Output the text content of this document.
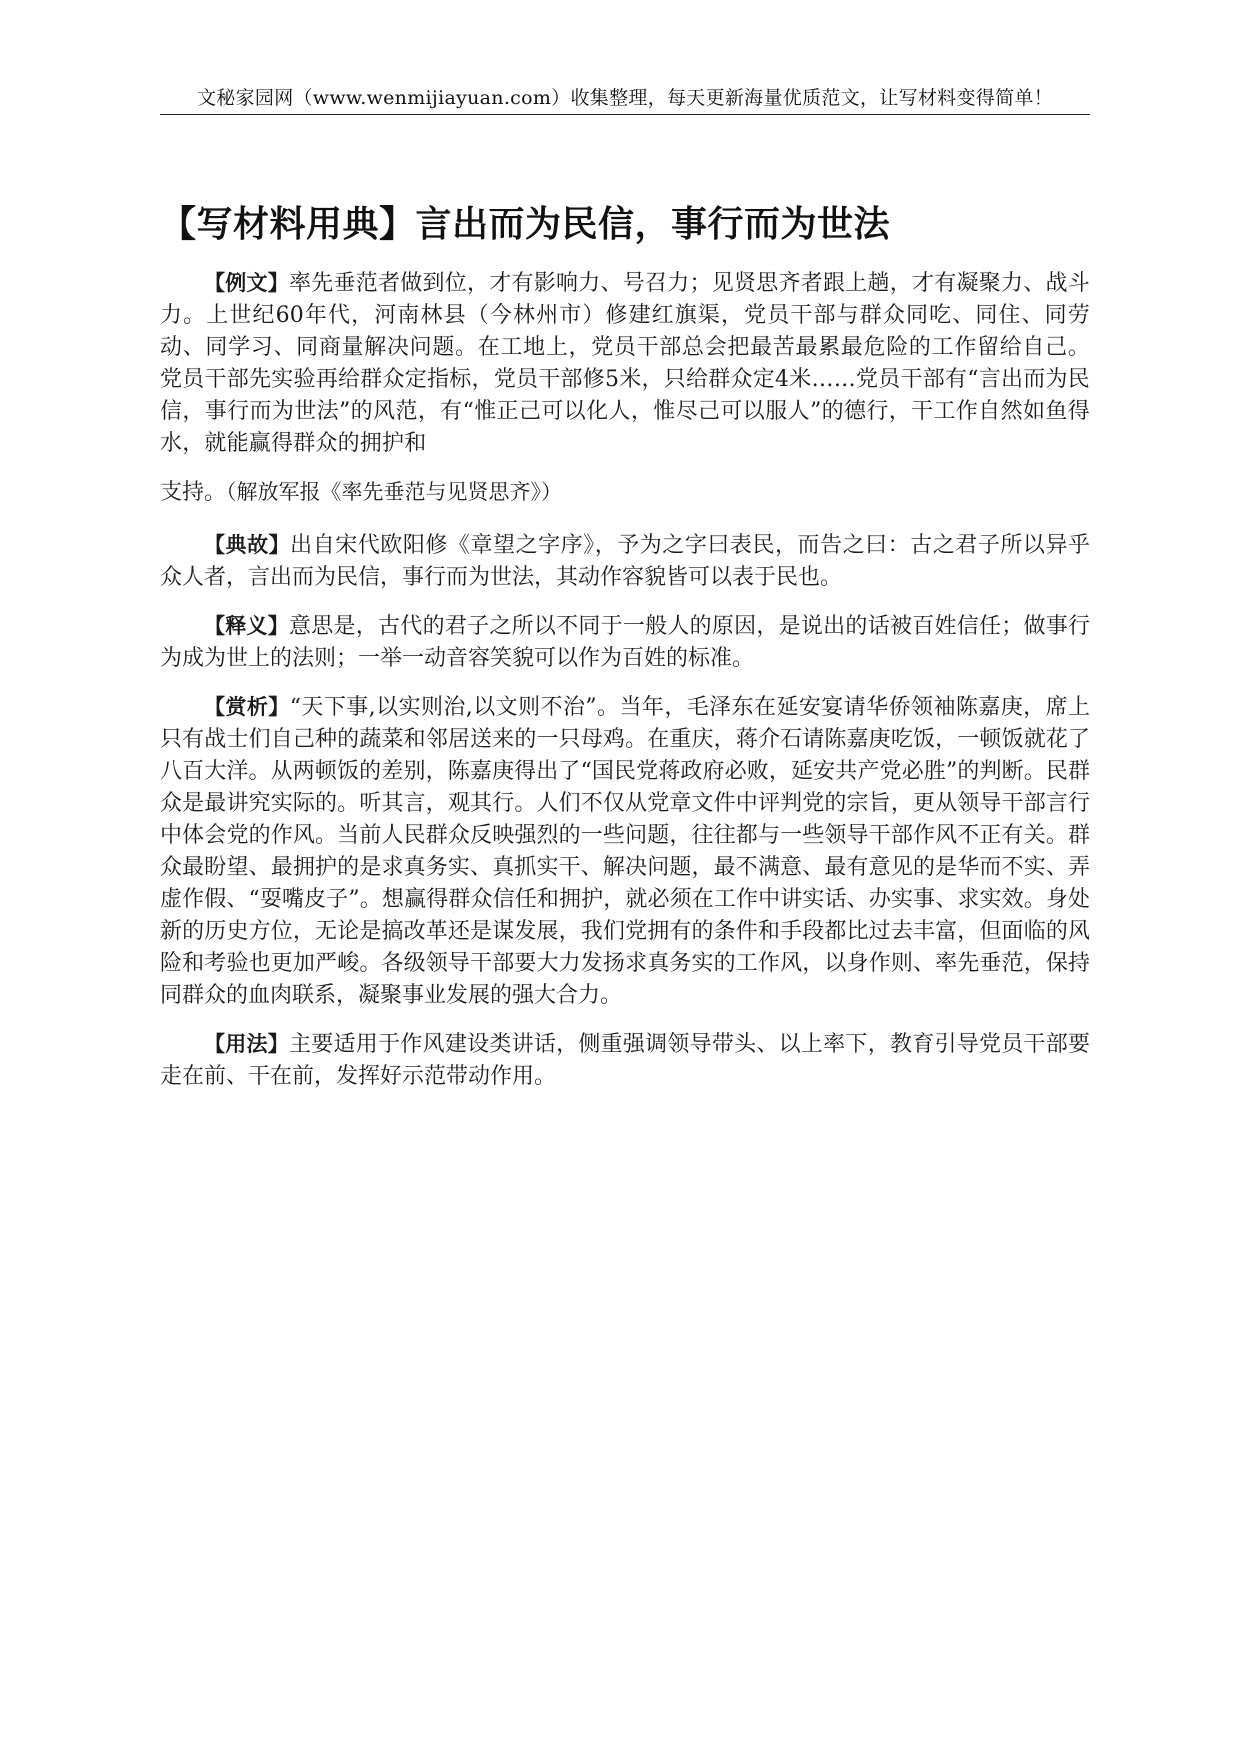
文秘家园网（www.wenmijiayuan.com）收集整理，每天更新海量优质范文，让写材料变得简单！
【写材料用典】言出而为民信，事行而为世法

【例文】率先垂范者做到位，才有影响力、号召力；见贤思齐者跟上趟，才有凝聚力、战斗力。上世纪60年代，河南林县（今林州市）修建红旗渠，党员干部与群众同吃、同住、同劳动、同学习、同商量解决问题。在工地上，党员干部总会把最苦最累最危险的工作留给自己。党员干部先实验再给群众定指标，党员干部修5米，只给群众定4米……党员干部有“言出而为民信，事行而为世法”的风范，有“惟正己可以化人，惟尽己可以服人”的德行，干工作自然如鱼得水，就能赢得群众的拥护和

支持。（解放军报《率先垂范与见贤思齐》）

【典故】出自宋代欧阳修《章望之字序》，予为之字曰表民，而告之曰：古之君子所以异乎众人者，言出而为民信，事行而为世法，其动作容貌皆可以表于民也。

【释义】意思是，古代的君子之所以不同于一般人的原因，是说出的话被百姓信任；做事行为成为世上的法则；一举一动音容笑貌可以作为百姓的标准。

【赏析】“天下事,以实则治,以文则不治”。当年，毛泽东在延安宴请华侨领袖陈嘉庚，席上只有战士们自己种的蔬菜和邻居送来的一只母鸡。在重庆，蒋介石请陈嘉庚吃饭，一顿饭就花了八百大洋。从两顿饭的差别，陈嘉庚得出了“国民党蒋政府必败，延安共产党必胜”的判断。民群众是最讲究实际的。听其言，观其行。人们不仅从党章文件中评判党的宗旨，更从领导干部言行中体会党的作风。当前人民群众反映强烈的一些问题，往往都与一些领导干部作风不正有关。群众最盼望、最拥护的是求真务实、真抓实干、解决问题，最不满意、最有意见的是华而不实、弄虚作假、“耍嘴皮子”。想赢得群众信任和拥护，就必须在工作中讲实话、办实事、求实效。身处新的历史方位，无论是搞改革还是谋发展，我们党拥有的条件和手段都比过去丰富，但面临的风险和考验也更加严峻。各级领导干部要大力发扬求真务实的工作风，以身作则、率先垂范，保持同群众的血肉联系，凝聚事业发展的强大合力。

【用法】主要适用于作风建设类讲话，侧重强调领导带头、以上率下，教育引导党员干部要走在前、干在前，发挥好示范带动作用。
